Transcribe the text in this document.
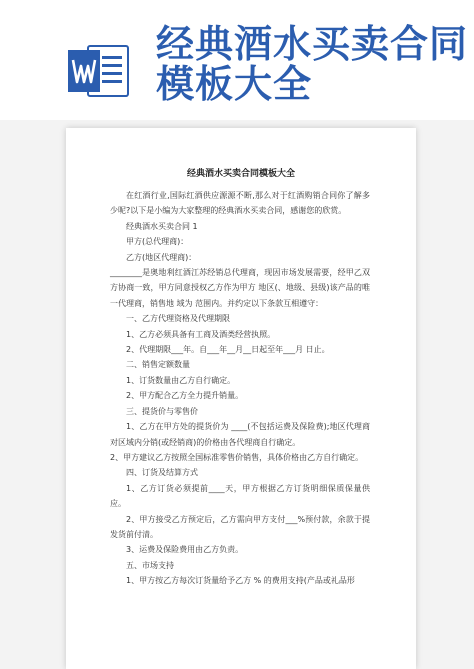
经典酒水买卖合同
模板大全
经典酒水买卖合同模板大全

在红酒行业,国际红酒供应源源不断,那么对于红酒购销合同你了解多少呢?以下是小编为大家整理的经典酒水买卖合同，感谢您的欣赏。

经典酒水买卖合同 1

甲方(总代理商)：

乙方(地区代理商)：

________是奥地利红酒江苏经销总代理商，现因市场发展需要，经甲乙双方协商一致，甲方同意授权乙方作为甲方 地区(、地级、县级)该产品的唯一代理商，销售地 域为 范围内。并约定以下条款互相遵守：

一、乙方代理资格及代理期限

1、乙方必须具备有工商及酒类经营执照。

2、代理期限___年。自___年__月__日起至年___月 日止。

二、销售定额数量

1、订货数量由乙方自行确定。

2、甲方配合乙方全力提升销量。

三、提货价与零售价

1、乙方在甲方处的提货价为 ____(不包括运费及保险费);地区代理商对区域内分销(或经销商)的价格由各代理商自行确定。

2、甲方建议乙方按照全国标准零售价销售，具体价格由乙方自行确定。

四、订货及结算方式

1、乙方订货必须提前____天，甲方根据乙方订货明细保质保量供应。

2、甲方接受乙方预定后，乙方需向甲方支付___%预付款，余款于提发货前付清。

3、运费及保险费用由乙方负责。

五、市场支持

1、甲方按乙方每次订货量给予乙方 % 的费用支持(产品或礼品形
